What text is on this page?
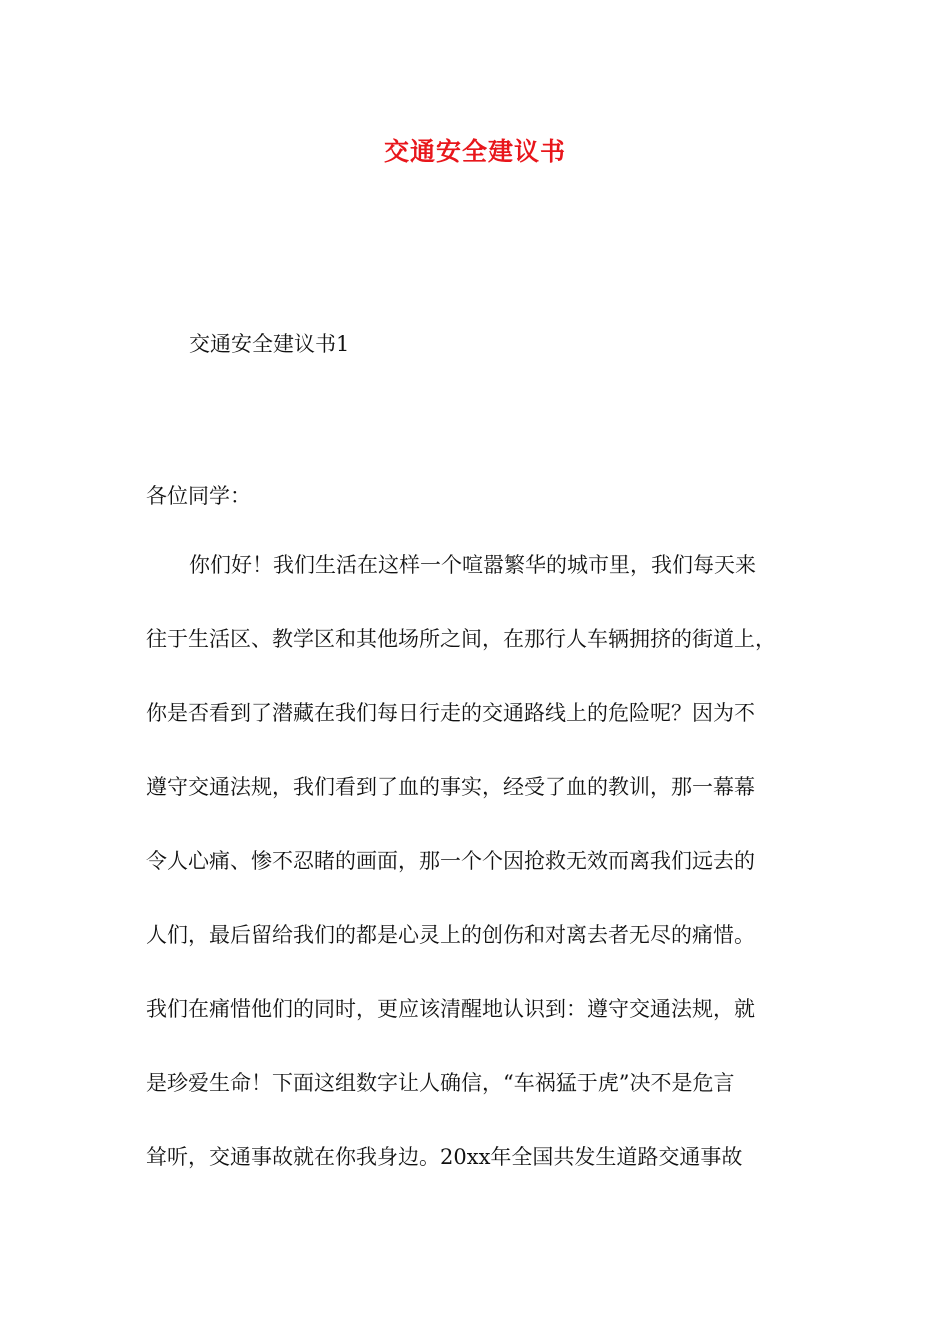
交通安全建议书
交通安全建议书1
各位同学：
你们好！我们生活在这样一个喧嚣繁华的城市里，我们每天来
往于生活区、教学区和其他场所之间，在那行人车辆拥挤的街道上，
你是否看到了潜藏在我们每日行走的交通路线上的危险呢？因为不
遵守交通法规，我们看到了血的事实，经受了血的教训，那一幕幕
令人心痛、惨不忍睹的画面，那一个个因抢救无效而离我们远去的
人们，最后留给我们的都是心灵上的创伤和对离去者无尽的痛惜。
我们在痛惜他们的同时，更应该清醒地认识到：遵守交通法规，就
是珍爱生命！下面这组数字让人确信，“车祸猛于虎”决不是危言
耸听，交通事故就在你我身边。20xx年全国共发生道路交通事故
